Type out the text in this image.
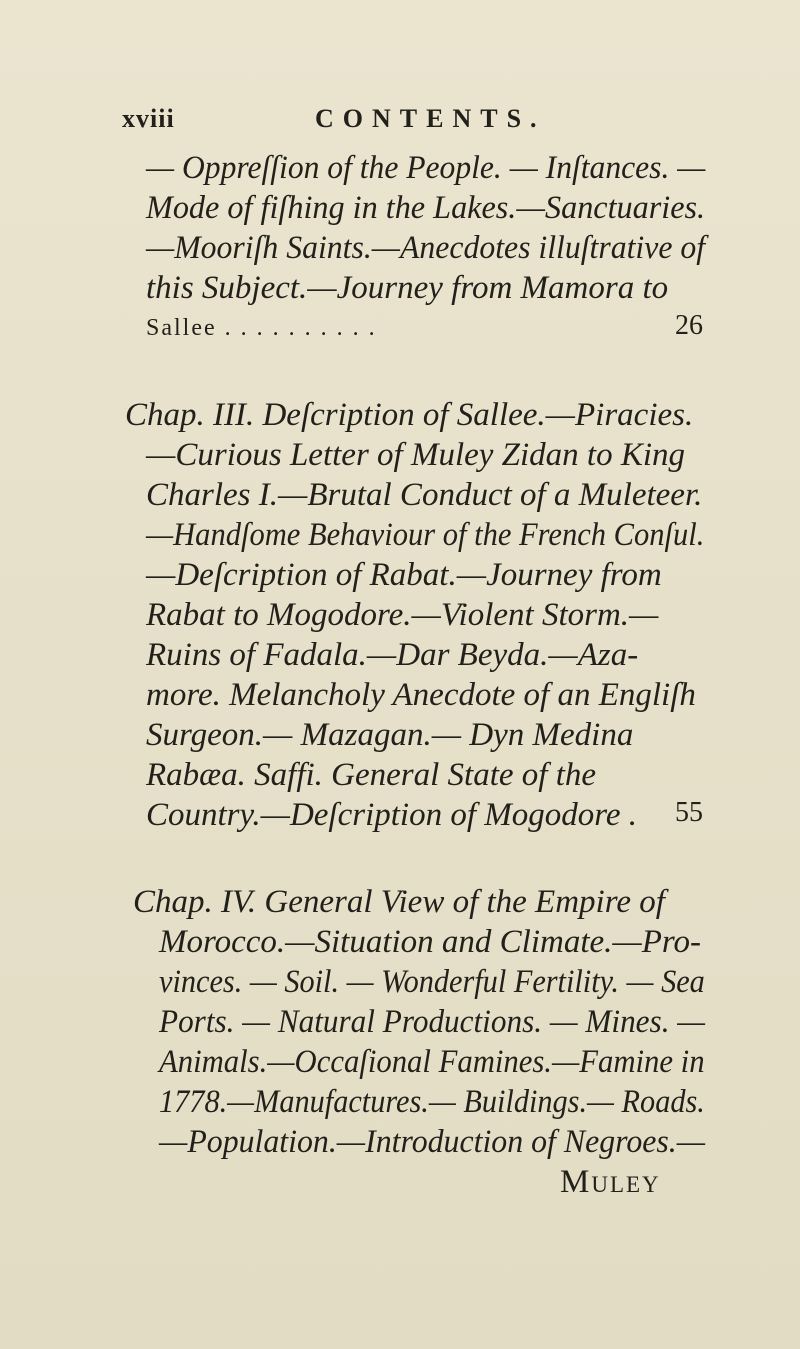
xviii	CONTENTS.
— Oppreſſion of the People. — Inſtances. —
Mode of fiſhing in the Lakes.—Sanctuaries.
—Mooriſh Saints.—Anecdotes illuſtrative of
this Subject.—Journey from Mamora to
Sallee . . . . . . . . . .	26
Chap. III. Deſcription of Sallee.—Piracies.
—Curious Letter of Muley Zidan to King
Charles I.—Brutal Conduct of a Muleteer.
—Handſome Behaviour of the French Conſul.
—Deſcription of Rabat.—Journey from
Rabat to Mogodore.—Violent Storm.—
Ruins of Fadala.—Dar Beyda.—Aza-
more. Melancholy Anecdote of an Engliſh
Surgeon.— Mazagan.— Dyn Medina
Rabæa. Saffi. General State of the
Country.—Deſcription of Mogodore . 55
Chap. IV. General View of the Empire of
Morocco.—Situation and Climate.—Pro-
vinces. — Soil. — Wonderful Fertility. — Sea
Ports. — Natural Productions. — Mines. —
Animals.—Occaſional Famines.—Famine in
1778.—Manufactures.— Buildings.— Roads.
—Population.—Introduction of Negroes.—
Muley
